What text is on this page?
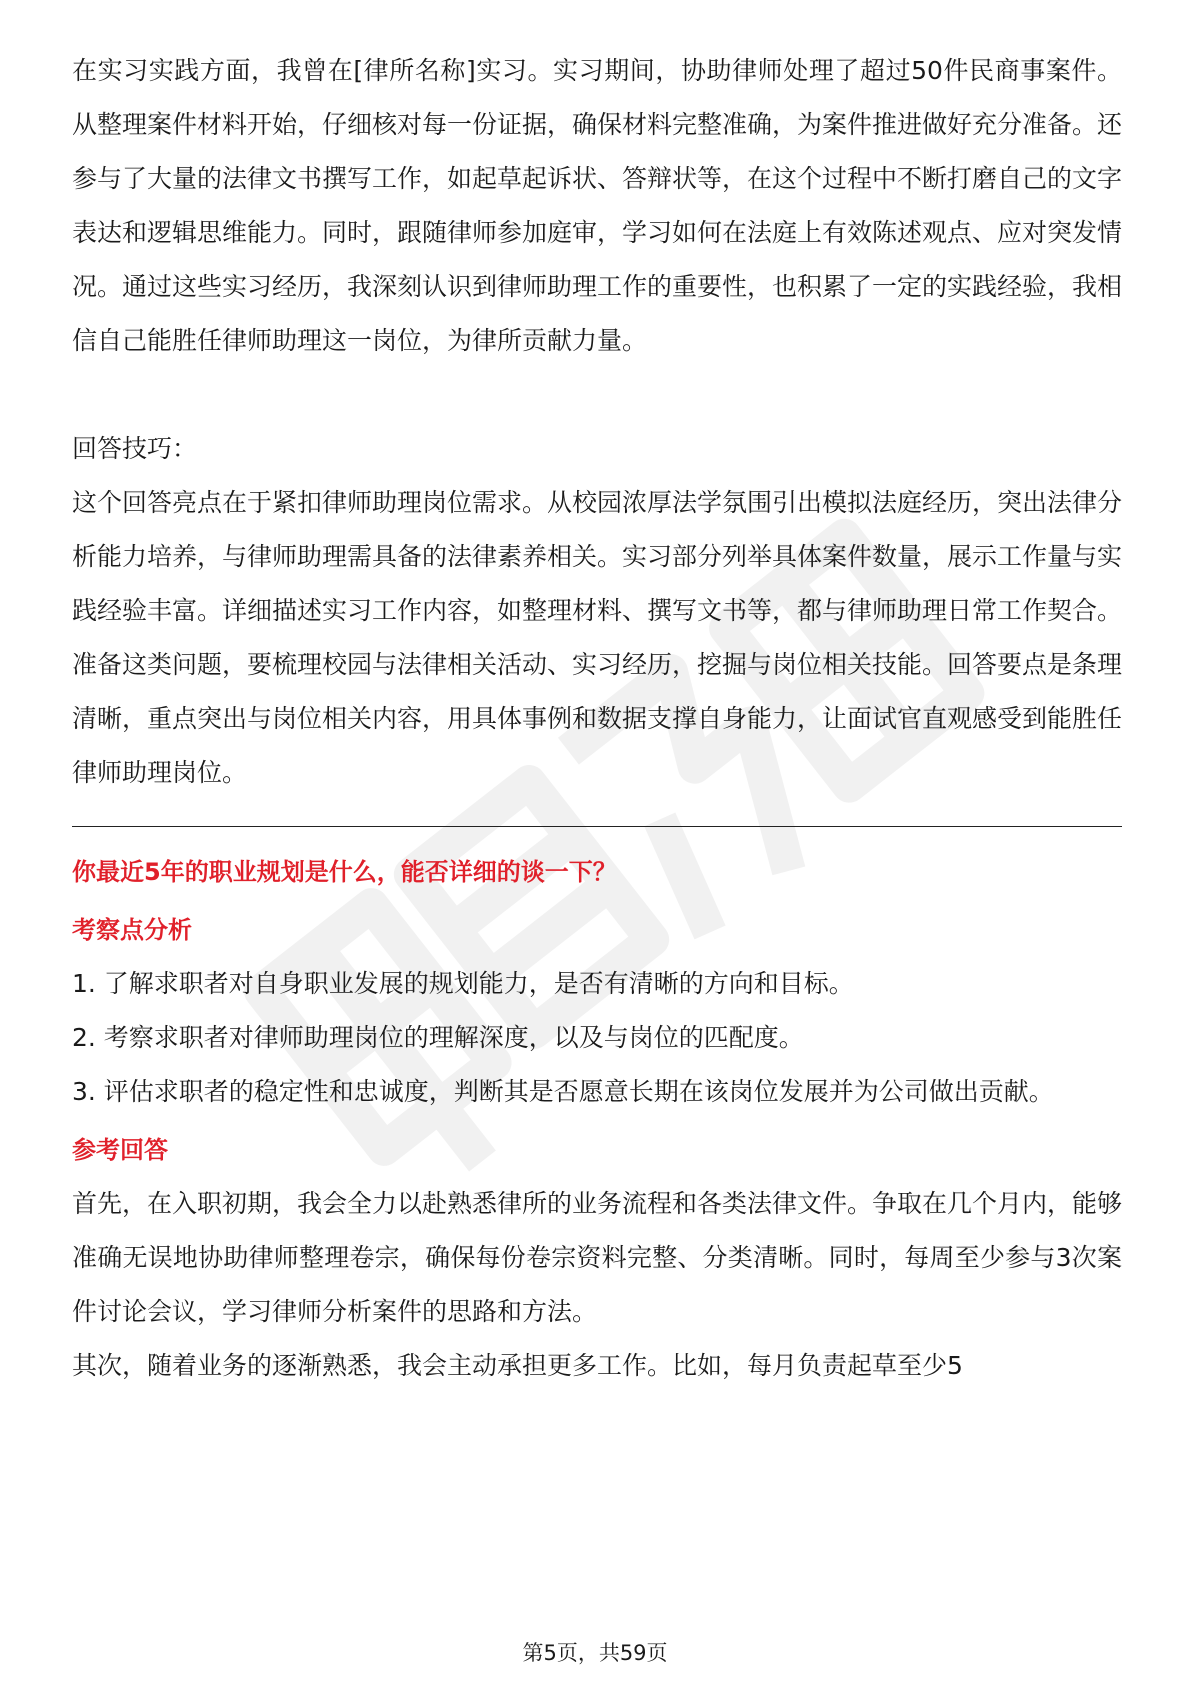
在实习实践方面，我曾在[律所名称]实习。实习期间，协助律师处理了超过50件民商事案件。从整理案件材料开始，仔细核对每一份证据，确保材料完整准确，为案件推进做好充分准备。还参与了大量的法律文书撰写工作，如起草起诉状、答辩状等，在这个过程中不断打磨自己的文字表达和逻辑思维能力。同时，跟随律师参加庭审，学习如何在法庭上有效陈述观点、应对突发情况。通过这些实习经历，我深刻认识到律师助理工作的重要性，也积累了一定的实践经验，我相信自己能胜任律师助理这一岗位，为律所贡献力量。

回答技巧：

这个回答亮点在于紧扣律师助理岗位需求。从校园浓厚法学氛围引出模拟法庭经历，突出法律分析能力培养，与律师助理需具备的法律素养相关。实习部分列举具体案件数量，展示工作量与实践经验丰富。详细描述实习工作内容，如整理材料、撰写文书等，都与律师助理日常工作契合。准备这类问题，要梳理校园与法律相关活动、实习经历，挖掘与岗位相关技能。回答要点是条理清晰，重点突出与岗位相关内容，用具体事例和数据支撑自身能力，让面试官直观感受到能胜任律师助理岗位。

你最近5年的职业规划是什么，能否详细的谈一下？

考察点分析

1. 了解求职者对自身职业发展的规划能力，是否有清晰的方向和目标。

2. 考察求职者对律师助理岗位的理解深度，以及与岗位的匹配度。

3. 评估求职者的稳定性和忠诚度，判断其是否愿意长期在该岗位发展并为公司做出贡献。

参考回答

首先，在入职初期，我会全力以赴熟悉律所的业务流程和各类法律文件。争取在几个月内，能够准确无误地协助律师整理卷宗，确保每份卷宗资料完整、分类清晰。同时，每周至少参与3次案件讨论会议，学习律师分析案件的思路和方法。

其次，随着业务的逐渐熟悉，我会主动承担更多工作。比如，每月负责起草至少5

第5页，共59页
